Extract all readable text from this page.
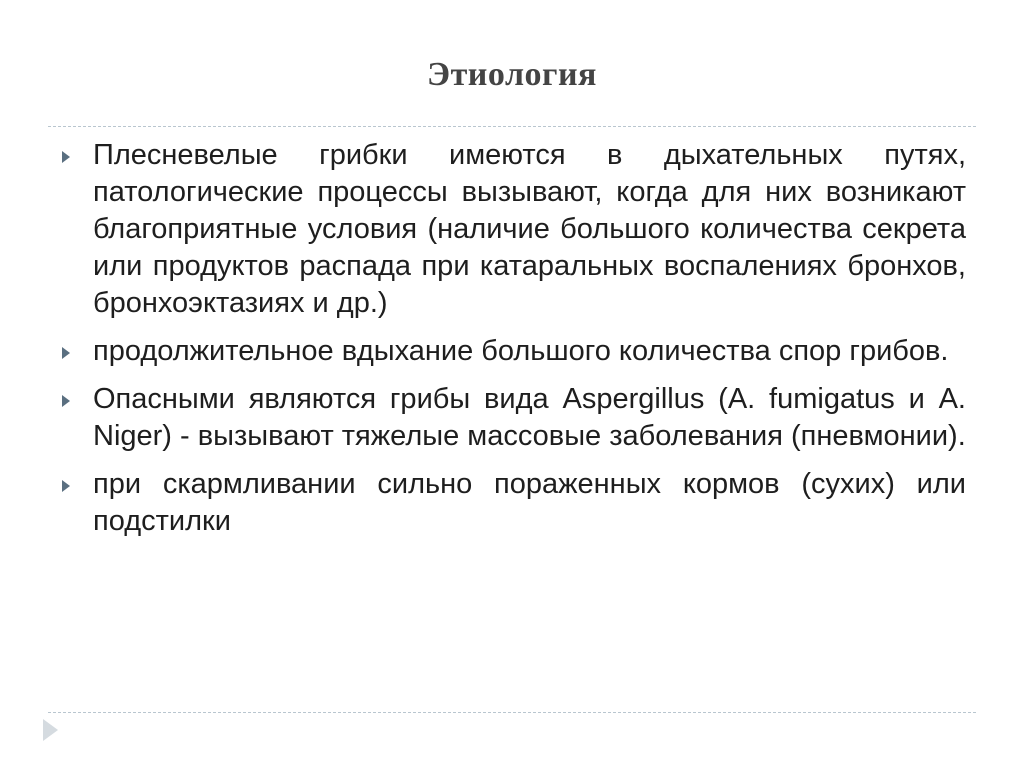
Этиология
Плесневелые грибки имеются в дыхательных путях, патологические процессы вызывают, когда для них возникают благоприятные условия (наличие большого количества секрета или продуктов распада при катаральных воспалениях бронхов, бронхоэктазиях и др.)
продолжительное вдыхание большого количества спор грибов.
Опасными являются грибы вида Aspergillus (A. fumigatus и A. Niger) - вызывают тяжелые массовые заболевания (пневмонии).
при скармливании сильно пораженных кормов (сухих) или подстилки
